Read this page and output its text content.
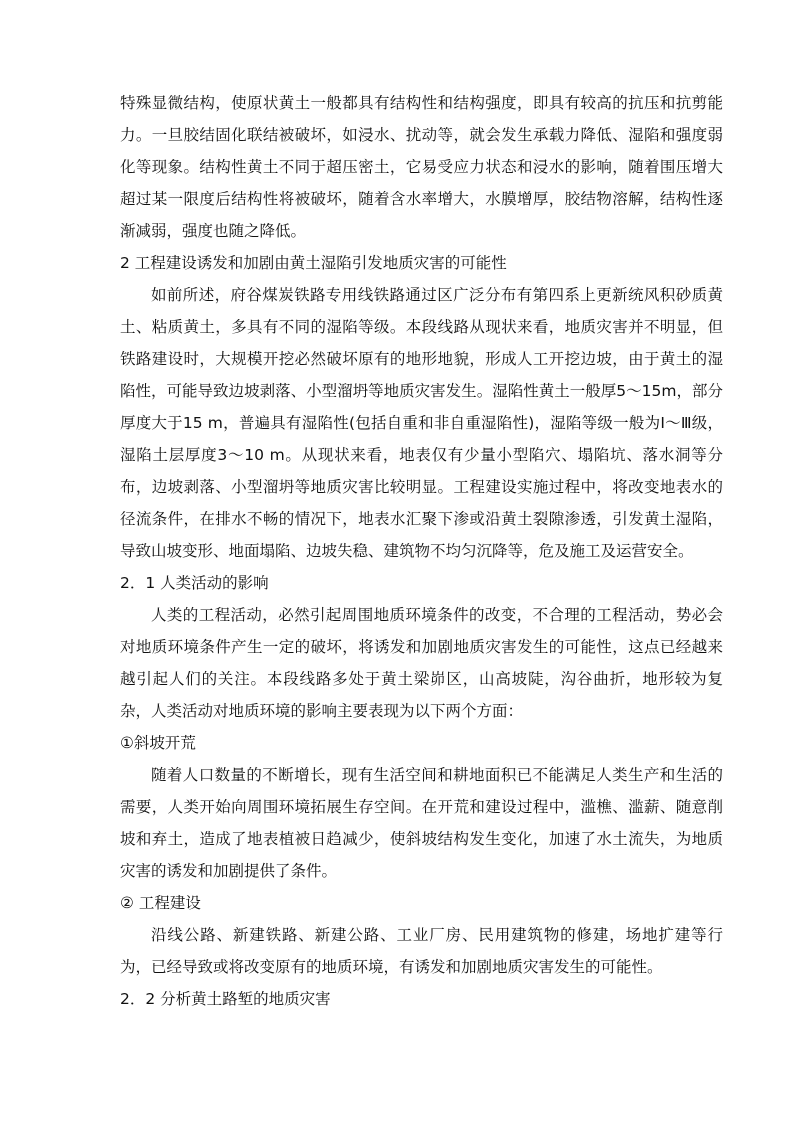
特殊显微结构，使原状黄土一般都具有结构性和结构强度，即具有较高的抗压和抗剪能力。一旦胶结固化联结被破坏，如浸水、扰动等，就会发生承载力降低、湿陷和强度弱化等现象。结构性黄土不同于超压密土，它易受应力状态和浸水的影响，随着围压增大超过某一限度后结构性将被破坏，随着含水率增大，水膜增厚，胶结物溶解，结构性逐渐减弱，强度也随之降低。

2 工程建设诱发和加剧由黄土湿陷引发地质灾害的可能性

如前所述，府谷煤炭铁路专用线铁路通过区广泛分布有第四系上更新统风积砂质黄土、粘质黄土，多具有不同的湿陷等级。本段线路从现状来看，地质灾害并不明显，但铁路建设时，大规模开挖必然破坏原有的地形地貌，形成人工开挖边坡，由于黄土的湿陷性，可能导致边坡剥落、小型溜坍等地质灾害发生。湿陷性黄土一般厚5～15m，部分厚度大于15 m，普遍具有湿陷性(包括自重和非自重湿陷性)，湿陷等级一般为Ⅰ～Ⅲ级，湿陷土层厚度3～10 m。从现状来看，地表仅有少量小型陷穴、塌陷坑、落水洞等分布，边坡剥落、小型溜坍等地质灾害比较明显。工程建设实施过程中，将改变地表水的径流条件，在排水不畅的情况下，地表水汇聚下渗或沿黄土裂隙渗透，引发黄土湿陷，导致山坡变形、地面塌陷、边坡失稳、建筑物不均匀沉降等，危及施工及运营安全。

2．1 人类活动的影响

人类的工程活动，必然引起周围地质环境条件的改变，不合理的工程活动，势必会对地质环境条件产生一定的破坏，将诱发和加剧地质灾害发生的可能性，这点已经越来越引起人们的关注。本段线路多处于黄土梁峁区，山高坡陡，沟谷曲折，地形较为复杂，人类活动对地质环境的影响主要表现为以下两个方面：

①斜坡开荒

随着人口数量的不断增长，现有生活空间和耕地面积已不能满足人类生产和生活的需要，人类开始向周围环境拓展生存空间。在开荒和建设过程中，滥樵、滥薪、随意削坡和弃土，造成了地表植被日趋减少，使斜坡结构发生变化，加速了水土流失，为地质灾害的诱发和加剧提供了条件。

② 工程建设

沿线公路、新建铁路、新建公路、工业厂房、民用建筑物的修建，场地扩建等行为，已经导致或将改变原有的地质环境，有诱发和加剧地质灾害发生的可能性。

2．2 分析黄土路堑的地质灾害
